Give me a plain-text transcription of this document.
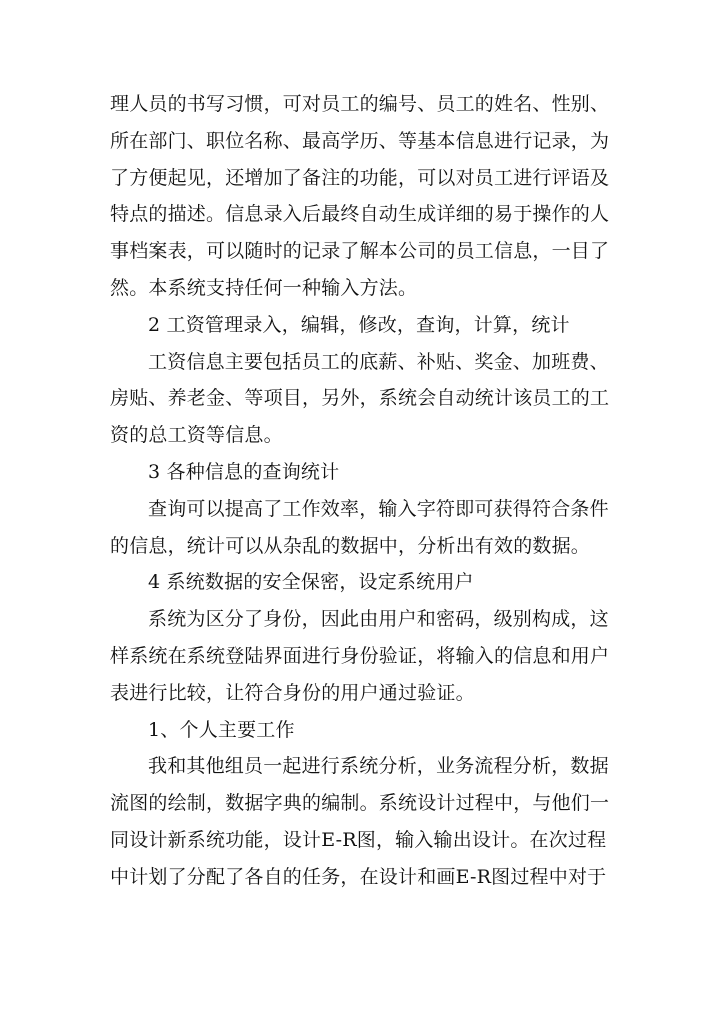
理人员的书写习惯，可对员工的编号、员工的姓名、性别、
所在部门、职位名称、最高学历、等基本信息进行记录，为
了方便起见，还增加了备注的功能，可以对员工进行评语及
特点的描述。信息录入后最终自动生成详细的易于操作的人
事档案表，可以随时的记录了解本公司的员工信息，一目了
然。本系统支持任何一种输入方法。
2 工资管理录入，编辑，修改，查询，计算，统计
工资信息主要包括员工的底薪、补贴、奖金、加班费、
房贴、养老金、等项目，另外，系统会自动统计该员工的工
资的总工资等信息。
3 各种信息的查询统计
查询可以提高了工作效率，输入字符即可获得符合条件
的信息，统计可以从杂乱的数据中，分析出有效的数据。
4 系统数据的安全保密，设定系统用户
系统为区分了身份，因此由用户和密码，级别构成，这
样系统在系统登陆界面进行身份验证，将输入的信息和用户
表进行比较，让符合身份的用户通过验证。
1、个人主要工作
我和其他组员一起进行系统分析，业务流程分析，数据
流图的绘制，数据字典的编制。系统设计过程中，与他们一
同设计新系统功能，设计E-R图，输入输出设计。在次过程
中计划了分配了各自的任务，在设计和画E-R图过程中对于
